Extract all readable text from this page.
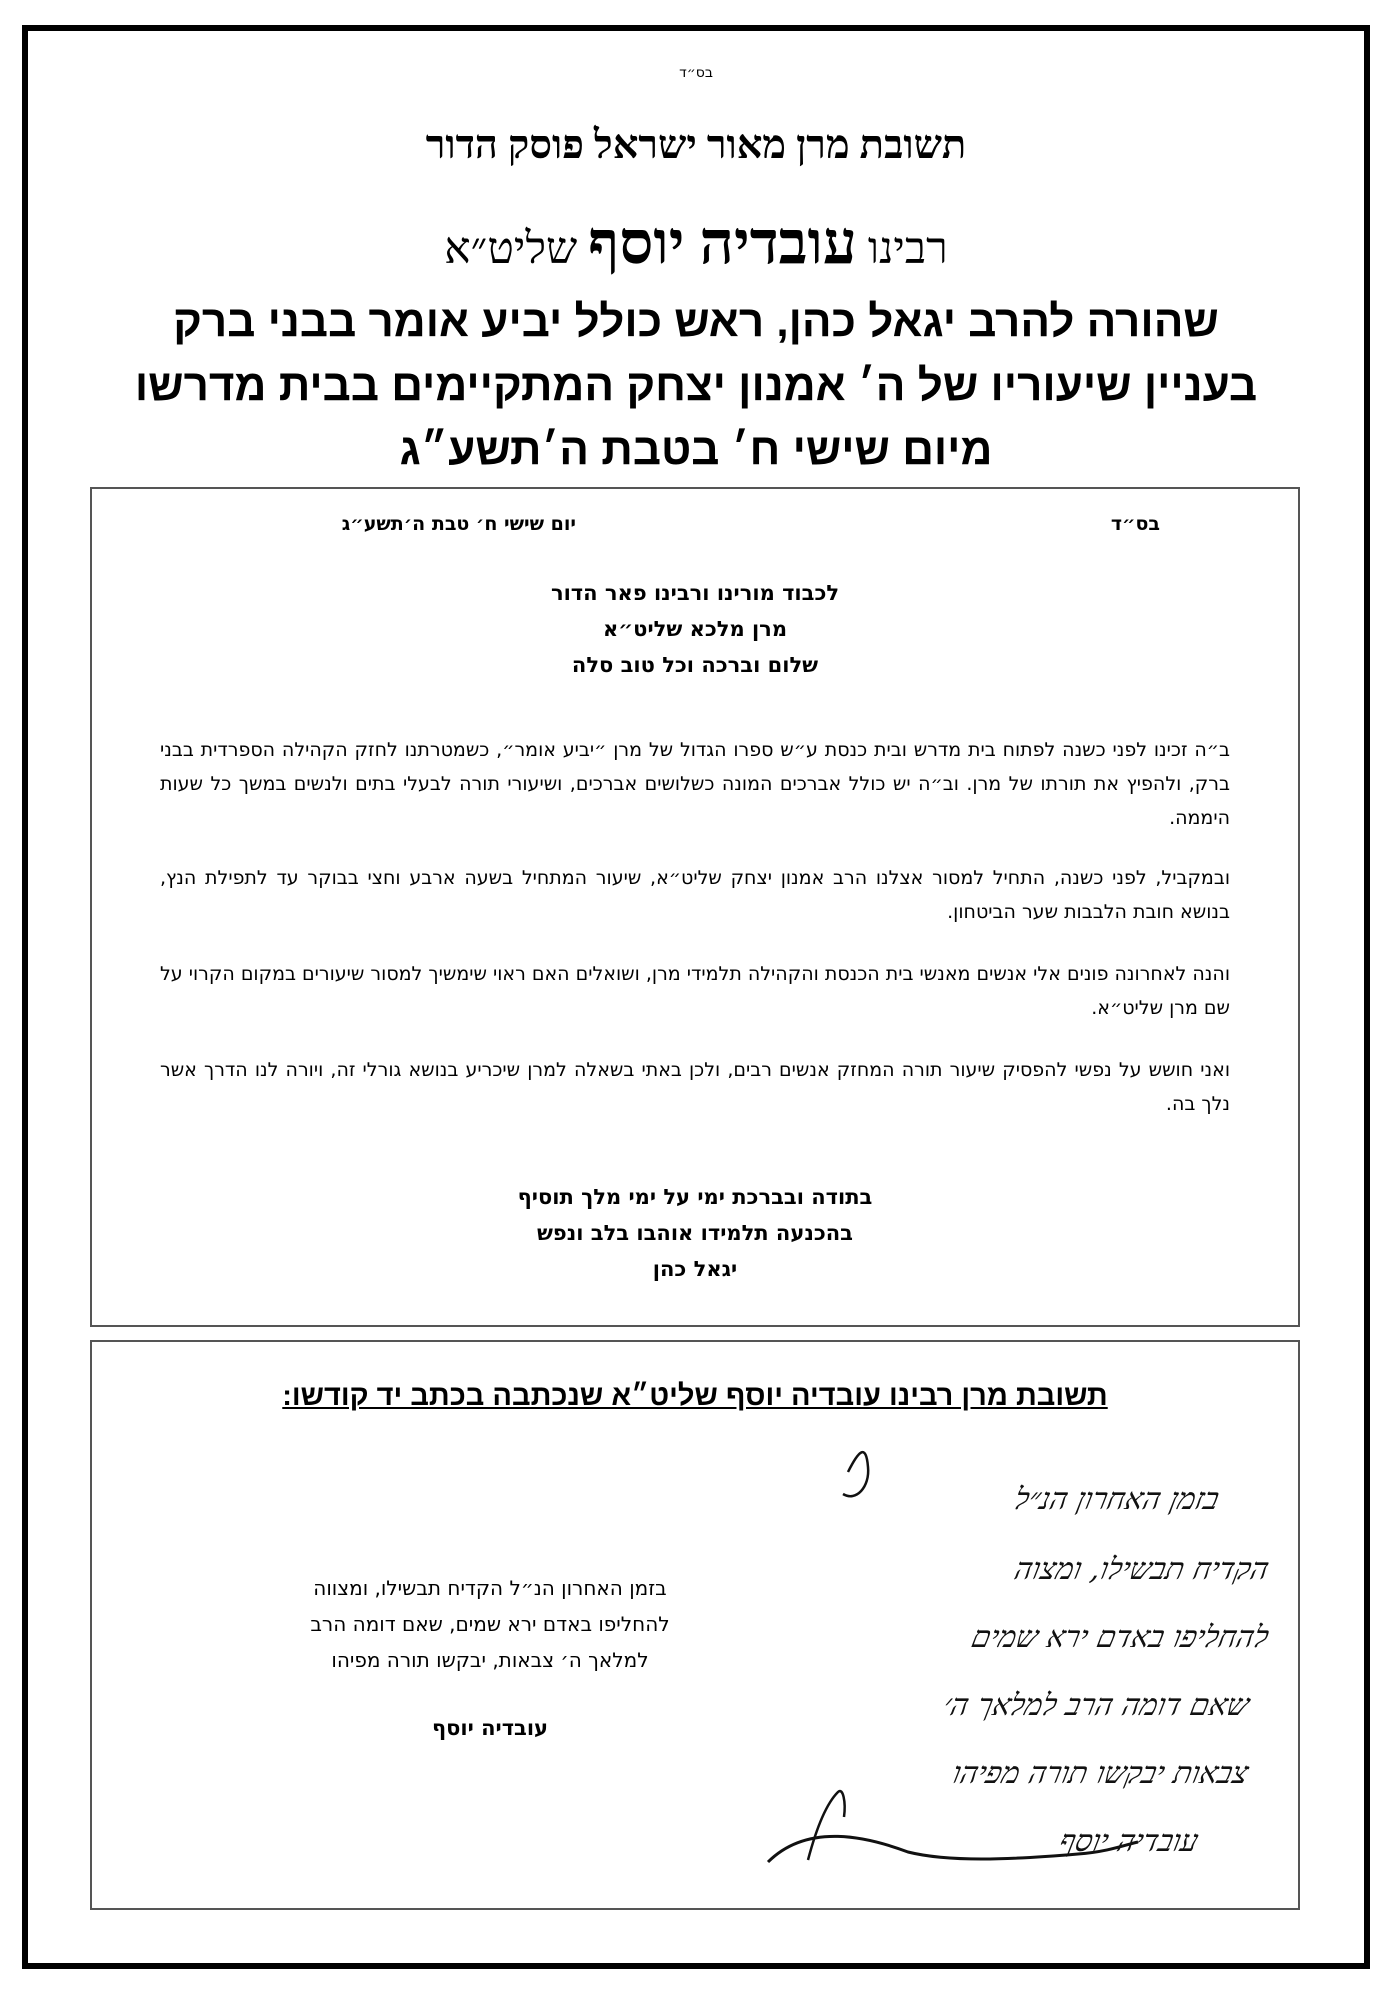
בס״ד
תשובת מרן מאור ישראל פוסק הדור
רבינו עובדיה יוסף שליט״א
שהורה להרב יגאל כהן, ראש כולל יביע אומר בבני ברק
בעניין שיעוריו של ה׳ אמנון יצחק המתקיימים בבית מדרשו
מיום שישי ח׳ בטבת ה׳תשע״ג
בס״ד
יום שישי ח׳ טבת ה׳תשע״ג
לכבוד מורינו ורבינו פאר הדור
מרן מלכא שליט״א
שלום וברכה וכל טוב סלה
ב״ה זכינו לפני כשנה לפתוח בית מדרש ובית כנסת ע״ש ספרו הגדול של מרן ״יביע אומר״, כשמטרתנו לחזק הקהילה הספרדית בבני ברק, ולהפיץ את תורתו של מרן. וב״ה יש כולל אברכים המונה כשלושים אברכים, ושיעורי תורה לבעלי בתים ולנשים במשך כל שעות היממה.
ובמקביל, לפני כשנה, התחיל למסור אצלנו הרב אמנון יצחק שליט״א, שיעור המתחיל בשעה ארבע וחצי בבוקר עד לתפילת הנץ, בנושא חובת הלבבות שער הביטחון.
והנה לאחרונה פונים אלי אנשים מאנשי בית הכנסת והקהילה תלמידי מרן, ושואלים האם ראוי שימשיך למסור שיעורים במקום הקרוי על שם מרן שליט״א.
ואני חושש על נפשי להפסיק שיעור תורה המחזק אנשים רבים, ולכן באתי בשאלה למרן שיכריע בנושא גורלי זה, ויורה לנו הדרך אשר נלך בה.
בתודה ובברכת ימי על ימי מלך תוסיף
בהכנעה תלמידו אוהבו בלב ונפש
יגאל כהן
תשובת מרן רבינו עובדיה יוסף שליט״א שנכתבה בכתב יד קודשו:
בזמן האחרון הנ״ל
הקדיח תבשילו, ומצוה
להחליפו באדם ירא שמים
שאם דומה הרב למלאך ה׳
צבאות יבקשו תורה מפיהו
עובדיה יוסף
בזמן האחרון הנ״ל הקדיח תבשילו, ומצווה
להחליפו באדם ירא שמים, שאם דומה הרב
למלאך ה׳ צבאות, יבקשו תורה מפיהו
עובדיה יוסף
